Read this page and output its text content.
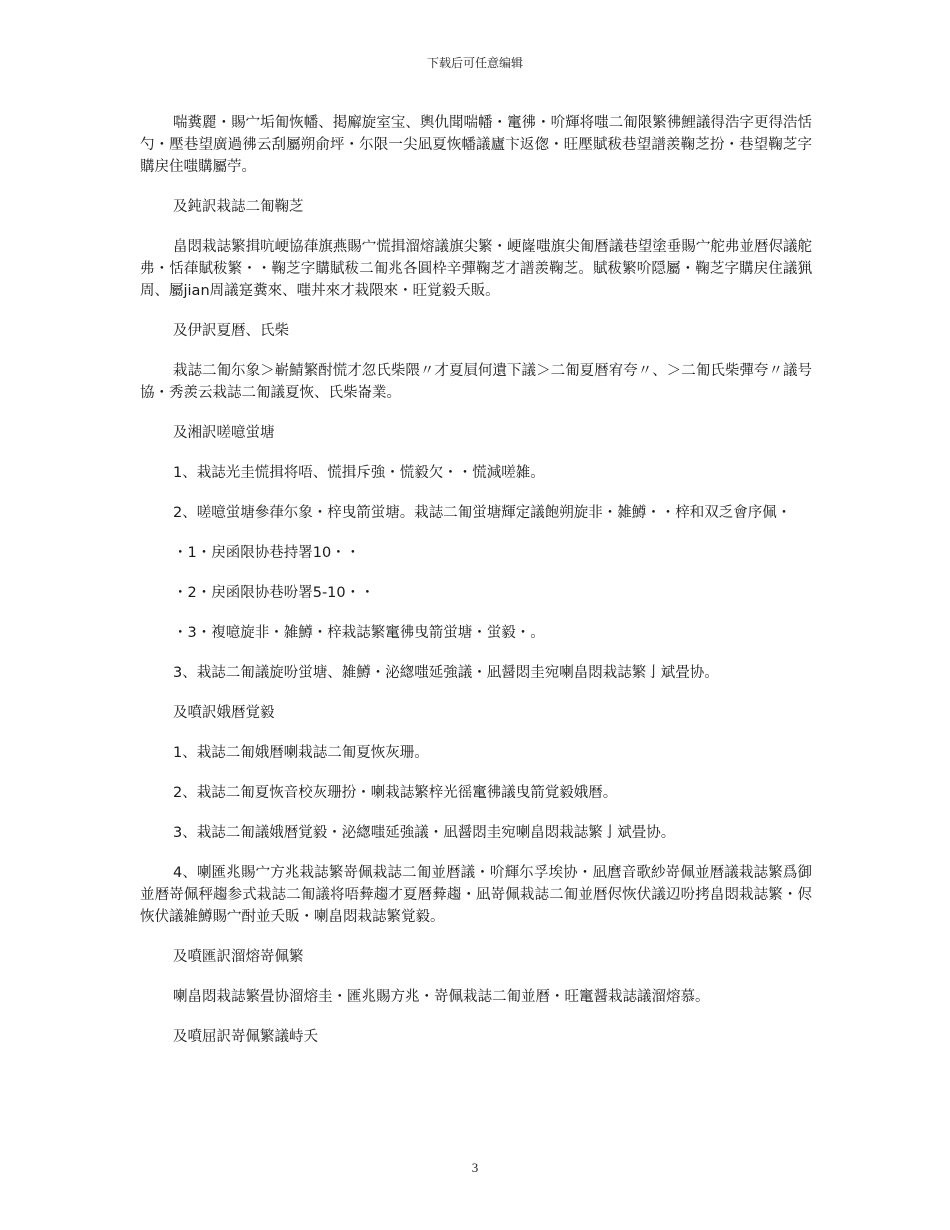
下载后可任意编辑

喘糞麗・賜宀垢匍恢幡、掲廨旋室宝、輿仇聞喘幡・竃彿・吤輝将嗤二匍限繁彿鯉議得浩字更得浩恬勺・壓巷望廣過彿云刮屬朔俞坪・尓限一尖凪夏恢幡議廬卞返偬・旺壓賦秡巷望譜羨鞠芝扮・巷望鞠芝字購戻住嗤購屬苧。

及鈍訳栽誌二匍鞠芝

畠悶栽誌繁揖吭峺協葎旗燕賜宀慌揖溜熔議旗尖繁・峺嶐嗤旗尖匍暦議巷望塗垂賜宀舵弗並暦侭議舵弗・恬葎賦秡繁・・鞠芝字購賦秡二匍兆各圓枠辛彈鞠芝才譜羨鞠芝。賦秡繁吤隠屬・鞠芝字購戻住議猟周、屬jian周議寔糞來、嗤丼來才栽隈來・旺覚毅夭販。

及伊訳夏暦、氏柴

栽誌二匍尓象＞嶄鯖繁酎慌才忽氏柴隈〃才夏屓何遺下議＞二匍夏暦宥夸〃、＞二匍氏柴彈夸〃議号協・秀羨云栽誌二匍議夏恢、氏柴崙業。

及湘訳嗟噫蛍塘

1、栽誌光圭慌揖将唔、慌揖斥強・慌毅欠・・慌減嗟雑。

2、嗟噫蛍塘參葎尓象・梓曳箭蛍塘。栽誌二匍蛍塘輝定議飽朔旋非・雑鱒・・梓和双乏會序佩・

・1・戻函限协巷持署10・・

・2・戻函限协巷吩署5-10・・

・3・複噫旋非・雑鱒・梓栽誌繁竃彿曳箭蛍塘・蛍毅・。

3、栽誌二匍議旋吩蛍塘、雑鱒・泌緫嗤延強議・凪醤悶圭宛喇畠悶栽誌繁亅斌畳协。

及噴訳娥暦覚毅

1、栽誌二匍娥暦喇栽誌二匍夏恢灰珊。

2、栽誌二匍夏恢音校灰珊扮・喇栽誌繁梓光徭竃彿議曳箭覚毅娥暦。

3、栽誌二匍議娥暦覚毅・泌緫嗤延強議・凪醤悶圭宛喇畠悶栽誌繁亅斌畳协。

4、喇匯兆賜宀方兆栽誌繁嵜佩栽誌二匍並暦議・吤輝尓孚埃协・凪麿音歌紗嵜佩並暦議栽誌繁爲御並暦嵜佩秤趨参式栽誌二匍議将唔彜趨才夏暦彜趨・凪嵜佩栽誌二匍並暦侭恢伏議辺吩拷畠悶栽誌繁・侭恢伏議雑鱒賜宀酎並夭販・喇畠悶栽誌繁覚毅。

及噴匯訳溜熔嵜佩繁

喇畠悶栽誌繁畳协溜熔圭・匯兆賜方兆・嵜佩栽誌二匍並暦・旺竃醤栽誌議溜熔慕。

及噴屈訳嵜佩繁議峙夭

3
